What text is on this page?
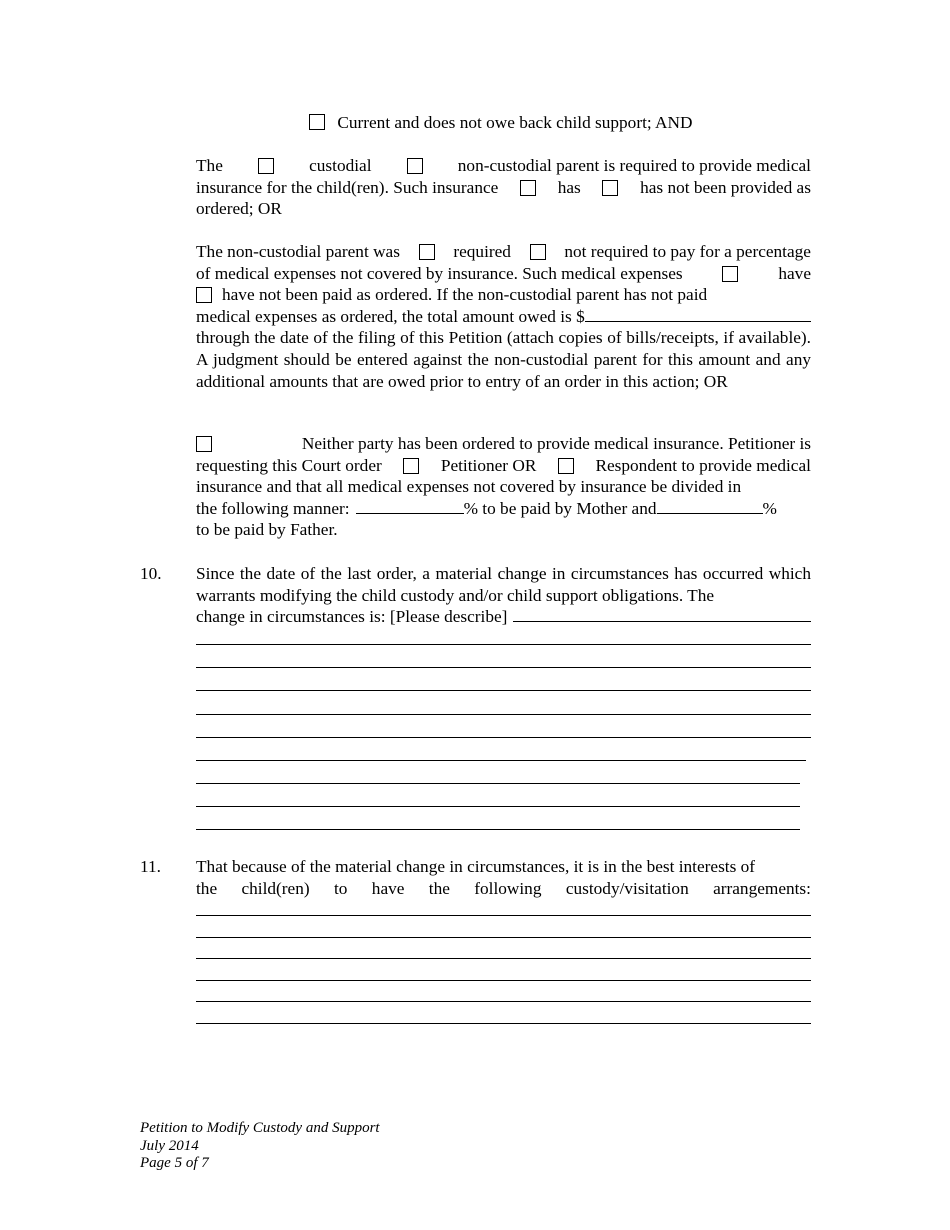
Current and does not owe back child support; AND
The	custodial	non-custodial parent is required to provide medical
insurance for the child(ren). Such insurance	has	has not been provided as
ordered; OR
The non-custodial parent was	required	not required to pay for a percentage
of medical expenses not covered by insurance. Such medical expenses	have
have not been paid as ordered. If the non-custodial parent has not paid
medical expenses as ordered, the total amount owed is $
through the date of the filing of this Petition (attach copies of bills/receipts, if available). A judgment should be entered against the non-custodial parent for this amount and any additional amounts that are owed prior to entry of an order in this action; OR
Neither party has been ordered to provide medical insurance. Petitioner is
requesting this Court order	Petitioner OR	Respondent to provide medical
insurance and that all medical expenses not covered by insurance be divided in
the following manner:	% to be paid by Mother and	%
to be paid by Father.
10. Since the date of the last order, a material change in circumstances has occurred which warrants modifying the child custody and/or child support obligations. The
change in circumstances is: [Please describe]
11. That because of the material change in circumstances, it is in the best interests of
the child(ren) to have the following custody/visitation arrangements:
Petition to Modify Custody and Support
July 2014
Page 5 of 7
